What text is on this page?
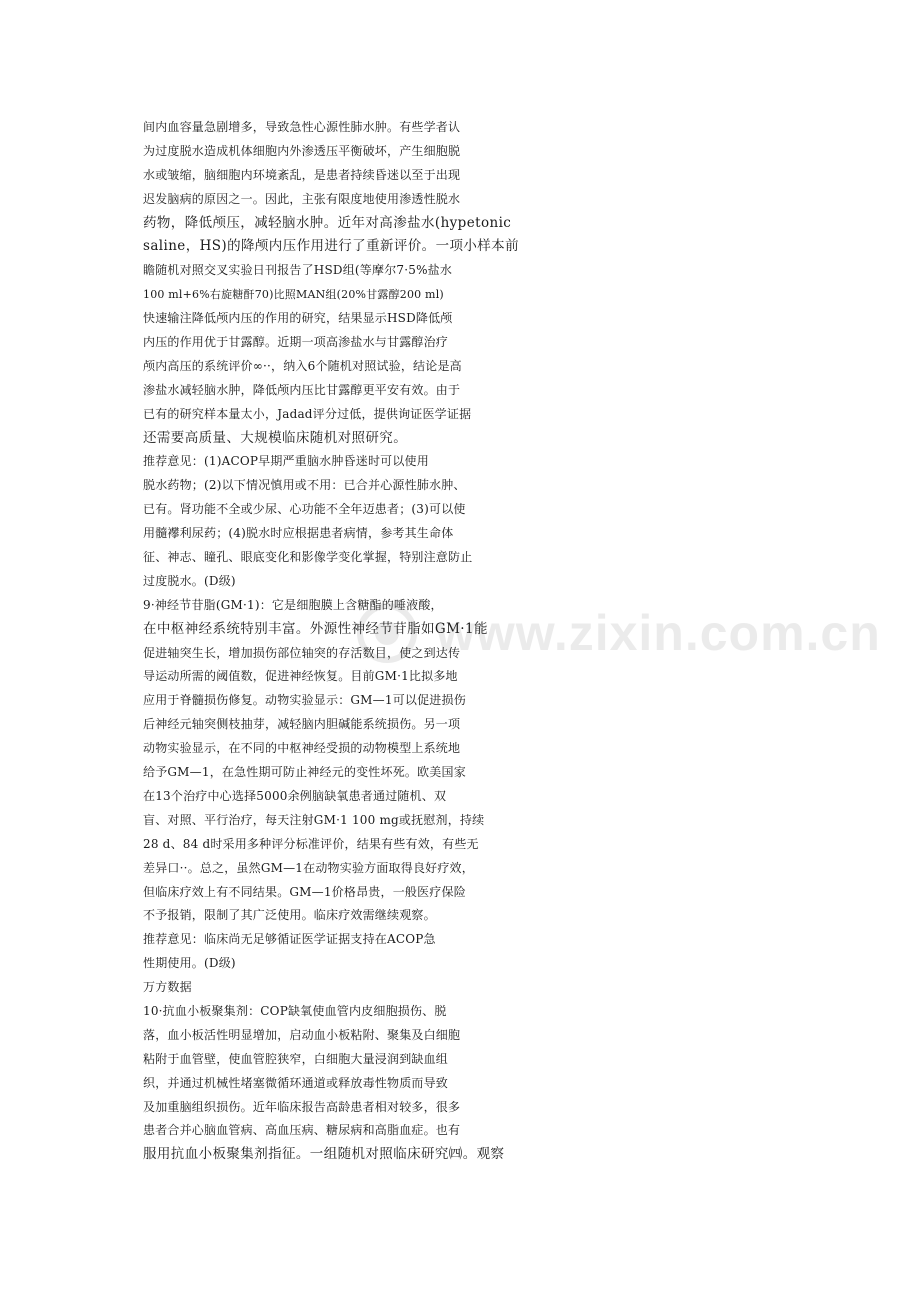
间内血容量急剧增多，导致急性心源性肺水肿。有些学者认
为过度脱水造成机体细胞内外渗透压平衡破坏，产生细胞脱
水或皱缩，脑细胞内环境紊乱，是患者持续昏迷以至于出现
迟发脑病的原因之一。因此，主张有限度地使用渗透性脱水
药物，降低颅压，减轻脑水肿。近年对高渗盐水(hypetonic
saline，HS)的降颅内压作用进行了重新评价。一项小样本前
瞻随机对照交叉实验日刊报告了HSD组(等摩尔7·5%盐水
100 ml+6%右旋糖酐70)比照MAN组(20%甘露醇200 ml)
快速输注降低颅内压的作用的研究，结果显示HSD降低颅
内压的作用优于甘露醇。近期一项高渗盐水与甘露醇治疗
颅内高压的系统评价∞··，纳入6个随机对照试验，结论是高
渗盐水减轻脑水肿，降低颅内压比甘露醇更平安有效。由于
已有的研究样本量太小，Jadad评分过低，提供询证医学证据
还需要高质量、大规模临床随机对照研究。
推荐意见：(1)ACOP早期严重脑水肿昏迷时可以使用
脱水药物；(2)以下情况慎用或不用：已合并心源性肺水肿、
已有。肾功能不全或少尿、心功能不全年迈患者；(3)可以使
用髓襻利尿药；(4)脱水时应根据患者病情，参考其生命体
征、神志、瞳孔、眼底变化和影像学变化掌握，特别注意防止
过度脱水。(D级)
9·神经节苷脂(GM·1)：它是细胞膜上含糖酯的唾液酸，
在中枢神经系统特别丰富。外源性神经节苷脂如GM·1能
促进轴突生长，增加损伤部位轴突的存活数目，使之到达传
导运动所需的阈值数，促进神经恢复。目前GM·1比拟多地
应用于脊髓损伤修复。动物实验显示：GM—1可以促进损伤
后神经元轴突侧枝抽芽，减轻脑内胆碱能系统损伤。另一项
动物实验显示，在不同的中枢神经受损的动物模型上系统地
给予GM—1，在急性期可防止神经元的变性坏死。欧美国家
在13个治疗中心选择5000余例脑缺氧患者通过随机、双
盲、对照、平行治疗，每天注射GM·1 100 mg或抚慰剂，持续
28 d、84 d时采用多种评分标准评价，结果有些有效，有些无
差异口··。总之，虽然GM—1在动物实验方面取得良好疗效，
但临床疗效上有不同结果。GM—1价格昂贵，一般医疗保险
不予报销，限制了其广泛使用。临床疗效需继续观察。
推荐意见：临床尚无足够循证医学证据支持在ACOP急
性期使用。(D级)
万方数据
10·抗血小板聚集剂：COP缺氧使血管内皮细胞损伤、脱
落，血小板活性明显增加，启动血小板粘附、聚集及白细胞
粘附于血管壁，使血管腔狭窄，白细胞大量浸润到缺血组
织，并通过机械性堵塞微循环通道或释放毒性物质而导致
及加重脑组织损伤。近年临床报告高龄患者相对较多，很多
患者合并心脑血管病、高血压病、糖尿病和高脂血症。也有
服用抗血小板聚集剂指征。一组随机对照临床研究㈣。观察
www.zixin.com.cn
